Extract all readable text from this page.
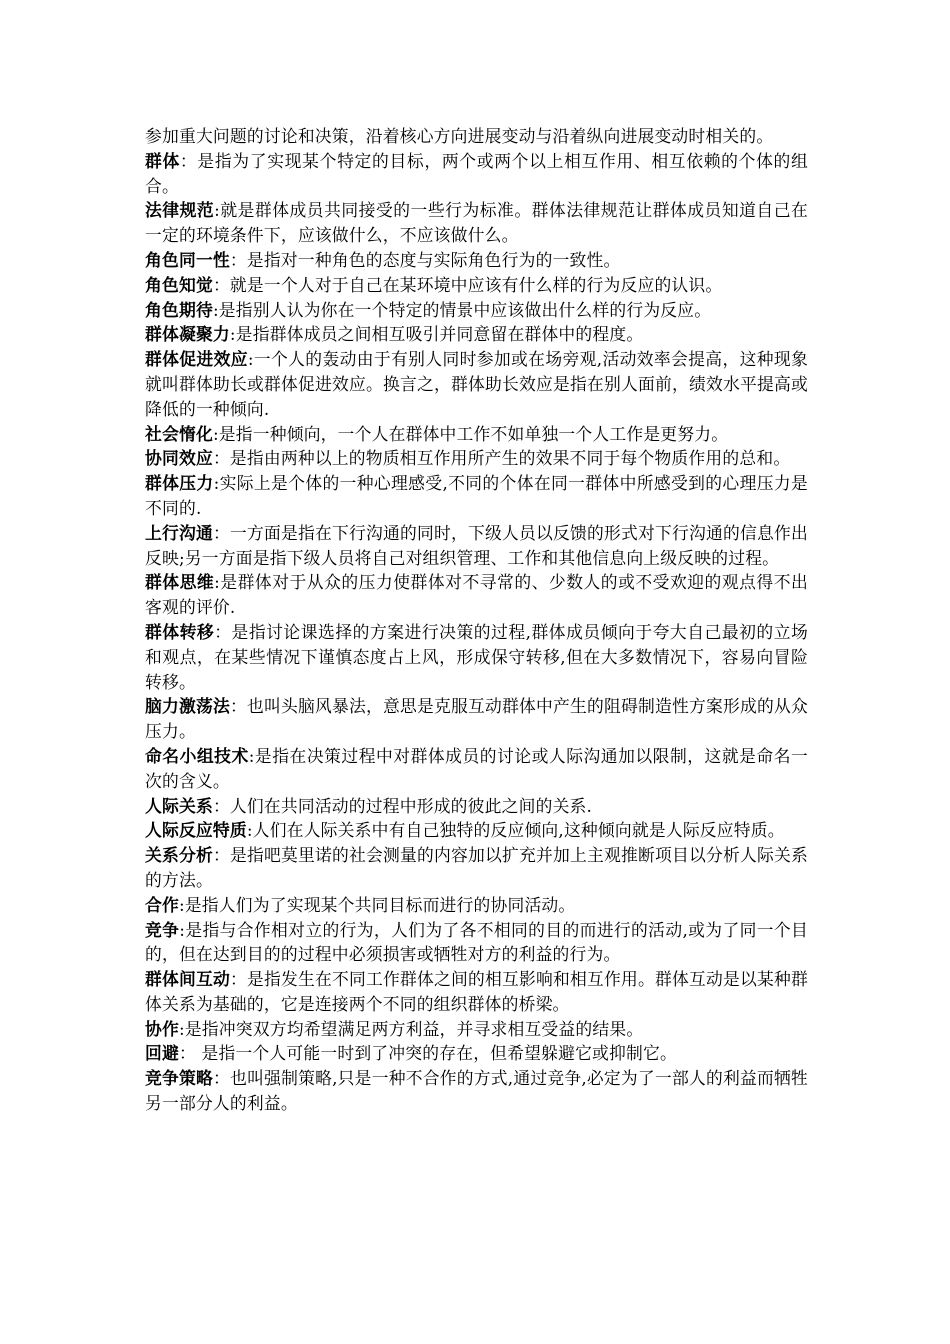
参加重大问题的讨论和决策，沿着核心方向进展变动与沿着纵向进展变动时相关的。

群体：是指为了实现某个特定的目标，两个或两个以上相互作用、相互依赖的个体的组合。

法律规范:就是群体成员共同接受的一些行为标准。群体法律规范让群体成员知道自己在一定的环境条件下，应该做什么，不应该做什么。

角色同一性：是指对一种角色的态度与实际角色行为的一致性。

角色知觉：就是一个人对于自己在某环境中应该有什么样的行为反应的认识。

角色期待:是指别人认为你在一个特定的情景中应该做出什么样的行为反应。

群体凝聚力:是指群体成员之间相互吸引并同意留在群体中的程度。

群体促进效应:一个人的轰动由于有别人同时参加或在场旁观,活动效率会提高，这种现象就叫群体助长或群体促进效应。换言之，群体助长效应是指在别人面前，绩效水平提高或降低的一种倾向.

社会惰化:是指一种倾向，一个人在群体中工作不如单独一个人工作是更努力。

协同效应：是指由两种以上的物质相互作用所产生的效果不同于每个物质作用的总和。

群体压力:实际上是个体的一种心理感受,不同的个体在同一群体中所感受到的心理压力是不同的.

上行沟通：一方面是指在下行沟通的同时，下级人员以反馈的形式对下行沟通的信息作出反映;另一方面是指下级人员将自己对组织管理、工作和其他信息向上级反映的过程。

群体思维:是群体对于从众的压力使群体对不寻常的、少数人的或不受欢迎的观点得不出客观的评价.

群体转移：是指讨论课选择的方案进行决策的过程,群体成员倾向于夸大自己最初的立场和观点，在某些情况下谨慎态度占上风，形成保守转移,但在大多数情况下，容易向冒险转移。

脑力激荡法：也叫头脑风暴法，意思是克服互动群体中产生的阻碍制造性方案形成的从众压力。

命名小组技术:是指在决策过程中对群体成员的讨论或人际沟通加以限制，这就是命名一次的含义。

人际关系：人们在共同活动的过程中形成的彼此之间的关系.

人际反应特质:人们在人际关系中有自己独特的反应倾向,这种倾向就是人际反应特质。

关系分析：是指吧莫里诺的社会测量的内容加以扩充并加上主观推断项目以分析人际关系的方法。

合作:是指人们为了实现某个共同目标而进行的协同活动。

竞争:是指与合作相对立的行为，人们为了各不相同的目的而进行的活动,或为了同一个目的，但在达到目的的过程中必须损害或牺牲对方的利益的行为。

群体间互动：是指发生在不同工作群体之间的相互影响和相互作用。群体互动是以某种群体关系为基础的，它是连接两个不同的组织群体的桥梁。

协作:是指冲突双方均希望满足两方利益，并寻求相互受益的结果。

回避： 是指一个人可能一时到了冲突的存在，但希望躲避它或抑制它。

竞争策略：也叫强制策略,只是一种不合作的方式,通过竞争,必定为了一部人的利益而牺牲另一部分人的利益。
